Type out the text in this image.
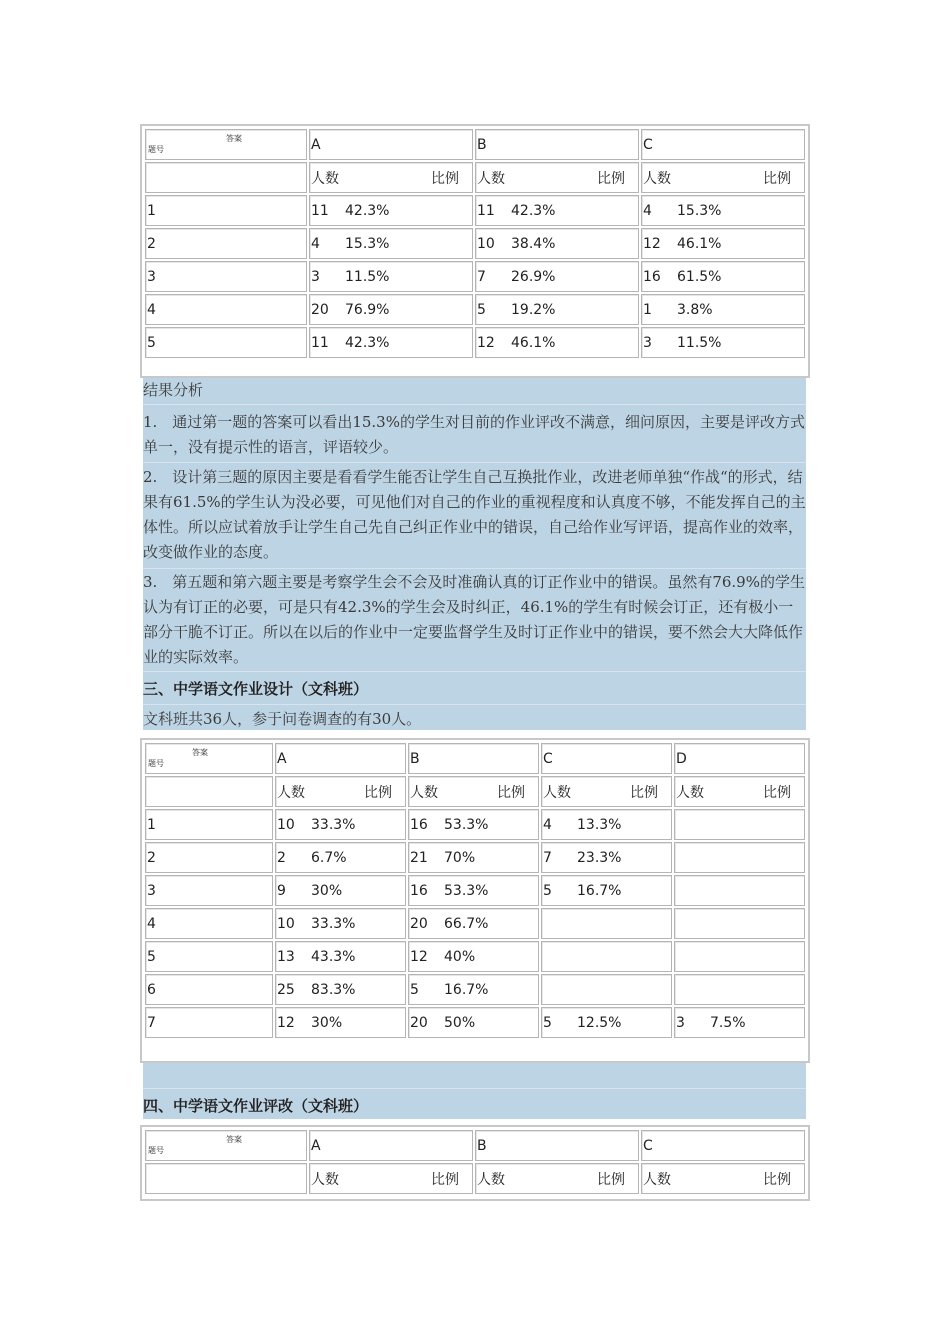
答案
题号	A	B	C

	人数 比例	人数 比例	人数 比例

1	11 42.3%	11 42.3%	4 15.3%
2	4 15.3%	10 38.4%	12 46.1%
3	3 11.5%	7 26.9%	16 61.5%
4	20 76.9%	5 19.2%	1 3.8%
5	11 42.3%	12 46.1%	3 11.5%
结果分析
1.　通过第一题的答案可以看出15.3%的学生对目前的作业评改不满意，细问原因，主要是评改方式单一，没有提示性的语言，评语较少。
2.　设计第三题的原因主要是看看学生能否让学生自己互换批作业，改进老师单独“作战“的形式，结果有61.5%的学生认为没必要，可见他们对自己的作业的重视程度和认真度不够，不能发挥自己的主体性。所以应试着放手让学生自己先自己纠正作业中的错误，自己给作业写评语，提高作业的效率，改变做作业的态度。
3.　第五题和第六题主要是考察学生会不会及时准确认真的订正作业中的错误。虽然有76.9%的学生认为有订正的必要，可是只有42.3%的学生会及时纠正，46.1%的学生有时候会订正，还有极小一部分干脆不订正。所以在以后的作业中一定要监督学生及时订正作业中的错误，要不然会大大降低作业的实际效率。
三、中学语文作业设计（文科班）
文科班共36人，参于问卷调查的有30人。
答案
题号	A	B	C	D

	人数 比例	人数 比例	人数 比例	人数 比例

1	10 33.3%	16 53.3%	4 13.3%	
2	2 6.7%	21 70%	7 23.3%	
3	9 30%	16 53.3%	5 16.7%	
4	10 33.3%	20 66.7%		
5	13 43.3%	12 40%		
6	25 83.3%	5 16.7%		
7	12 30%	20 50%	5 12.5%	3 7.5%
四、中学语文作业评改（文科班）
答案
题号	A	B	C

	人数 比例	人数 比例	人数 比例
